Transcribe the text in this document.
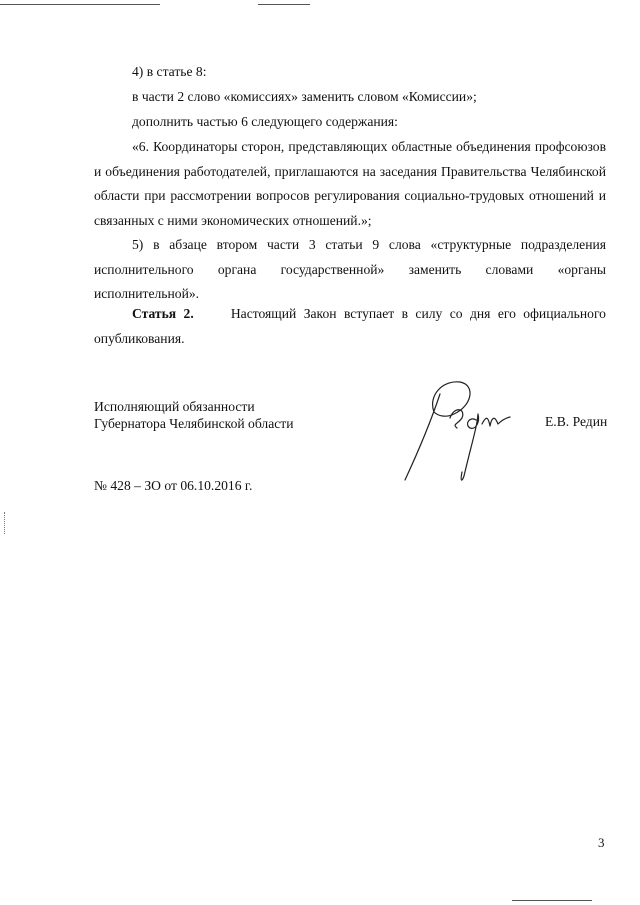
4) в статье 8:

в части 2 слово «комиссиях» заменить словом «Комиссии»;

дополнить частью 6 следующего содержания:

«6. Координаторы сторон, представляющих областные объединения профсоюзов и объединения работодателей, приглашаются на заседания Правительства Челябинской области при рассмотрении вопросов регулирования социально-трудовых отношений и связанных с ними экономических отношений.»;

5) в абзаце втором части 3 статьи 9 слова «структурные подразделения исполнительного органа государственной» заменить словами «органы исполнительной».

Статья 2.	Настоящий Закон вступает в силу со дня его официального опубликования.

Исполняющий обязанности
Губернатора Челябинской области	Е.В. Редин
№ 428 – ЗО от 06.10.2016 г.
3
